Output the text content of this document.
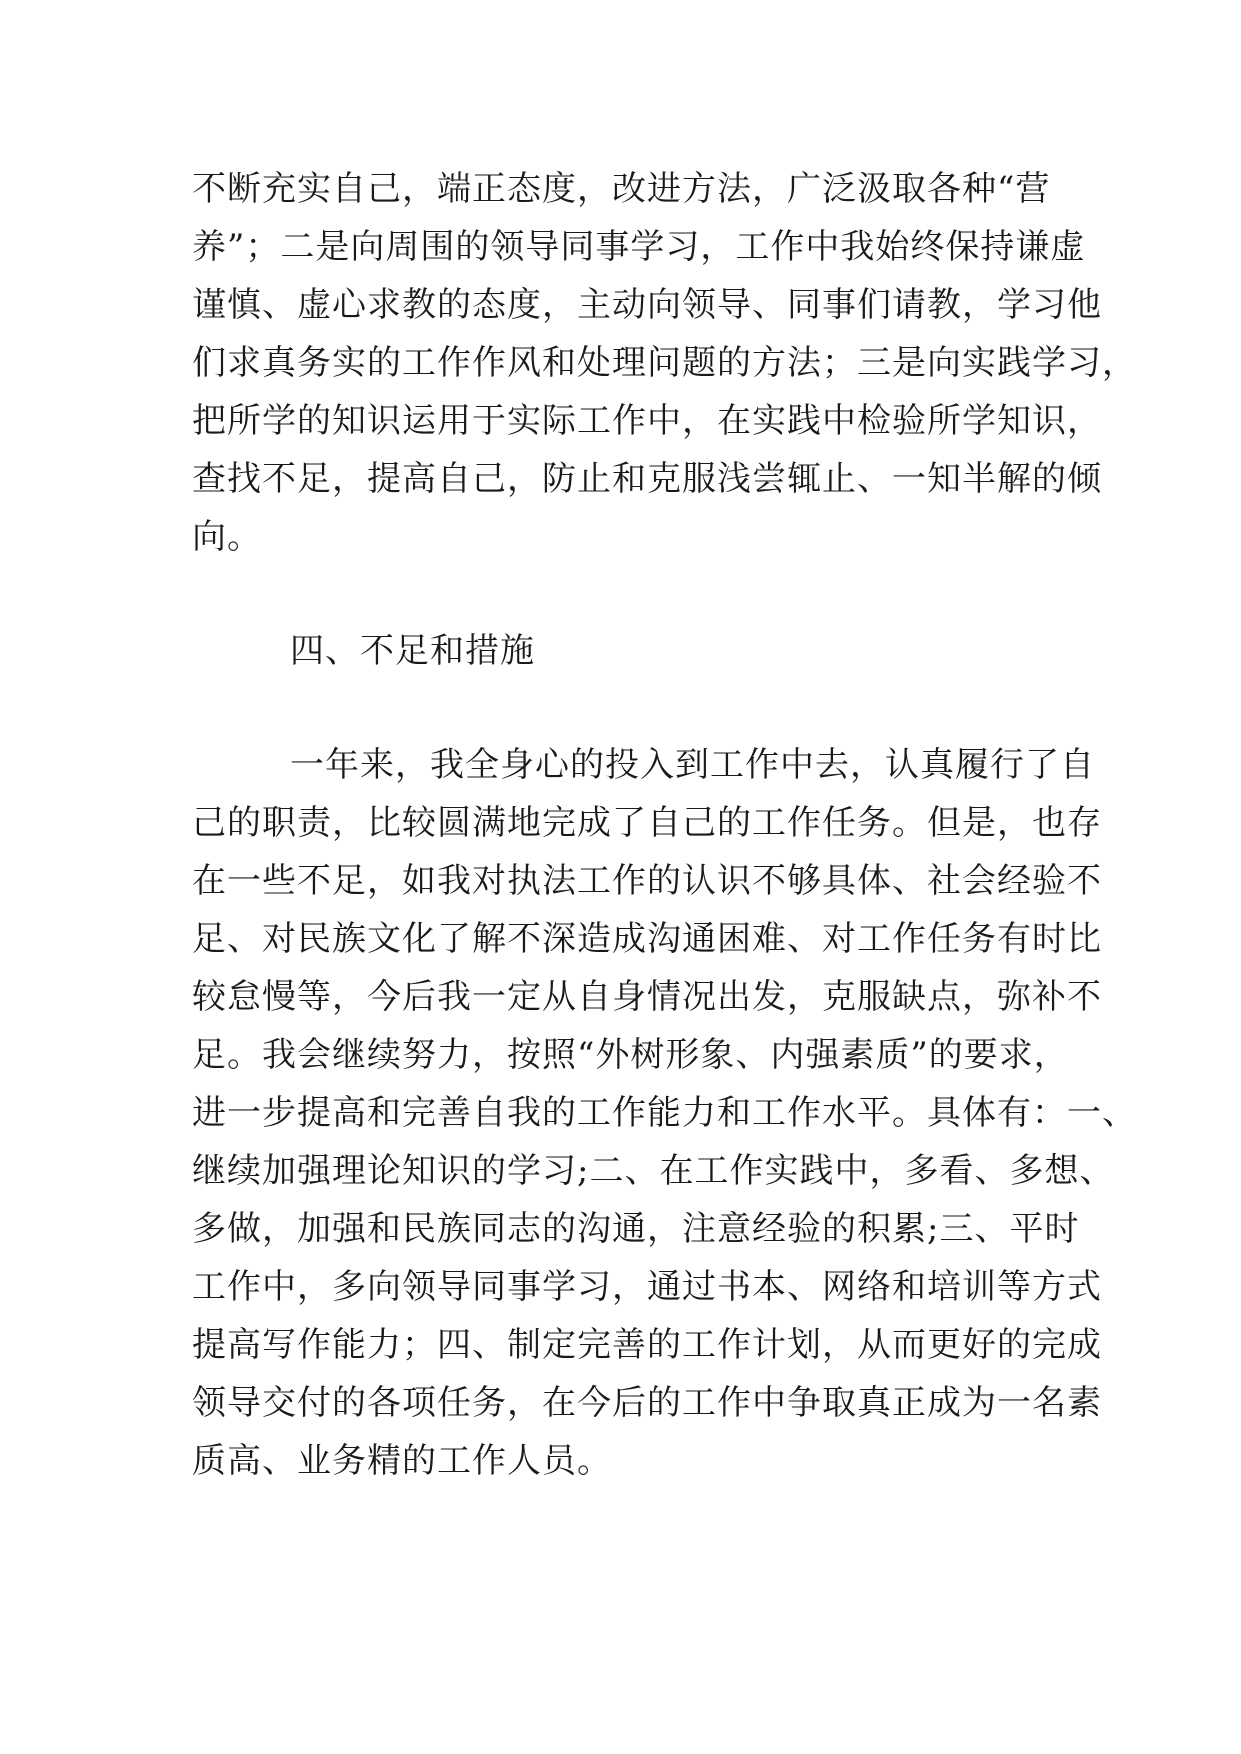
不断充实自己，端正态度，改进方法，广泛汲取各种“营
养”；二是向周围的领导同事学习，工作中我始终保持谦虚
谨慎、虚心求教的态度，主动向领导、同事们请教，学习他
们求真务实的工作作风和处理问题的方法；三是向实践学习，
把所学的知识运用于实际工作中，在实践中检验所学知识，
查找不足，提高自己，防止和克服浅尝辄止、一知半解的倾
向。
四、不足和措施
一年来，我全身心的投入到工作中去，认真履行了自
己的职责，比较圆满地完成了自己的工作任务。但是，也存
在一些不足，如我对执法工作的认识不够具体、社会经验不
足、对民族文化了解不深造成沟通困难、对工作任务有时比
较怠慢等，今后我一定从自身情况出发，克服缺点，弥补不
足。我会继续努力，按照“外树形象、内强素质”的要求，
进一步提高和完善自我的工作能力和工作水平。具体有：一、
继续加强理论知识的学习;二、在工作实践中，多看、多想、
多做，加强和民族同志的沟通，注意经验的积累;三、平时
工作中，多向领导同事学习，通过书本、网络和培训等方式
提高写作能力；四、制定完善的工作计划，从而更好的完成
领导交付的各项任务，在今后的工作中争取真正成为一名素
质高、业务精的工作人员。
